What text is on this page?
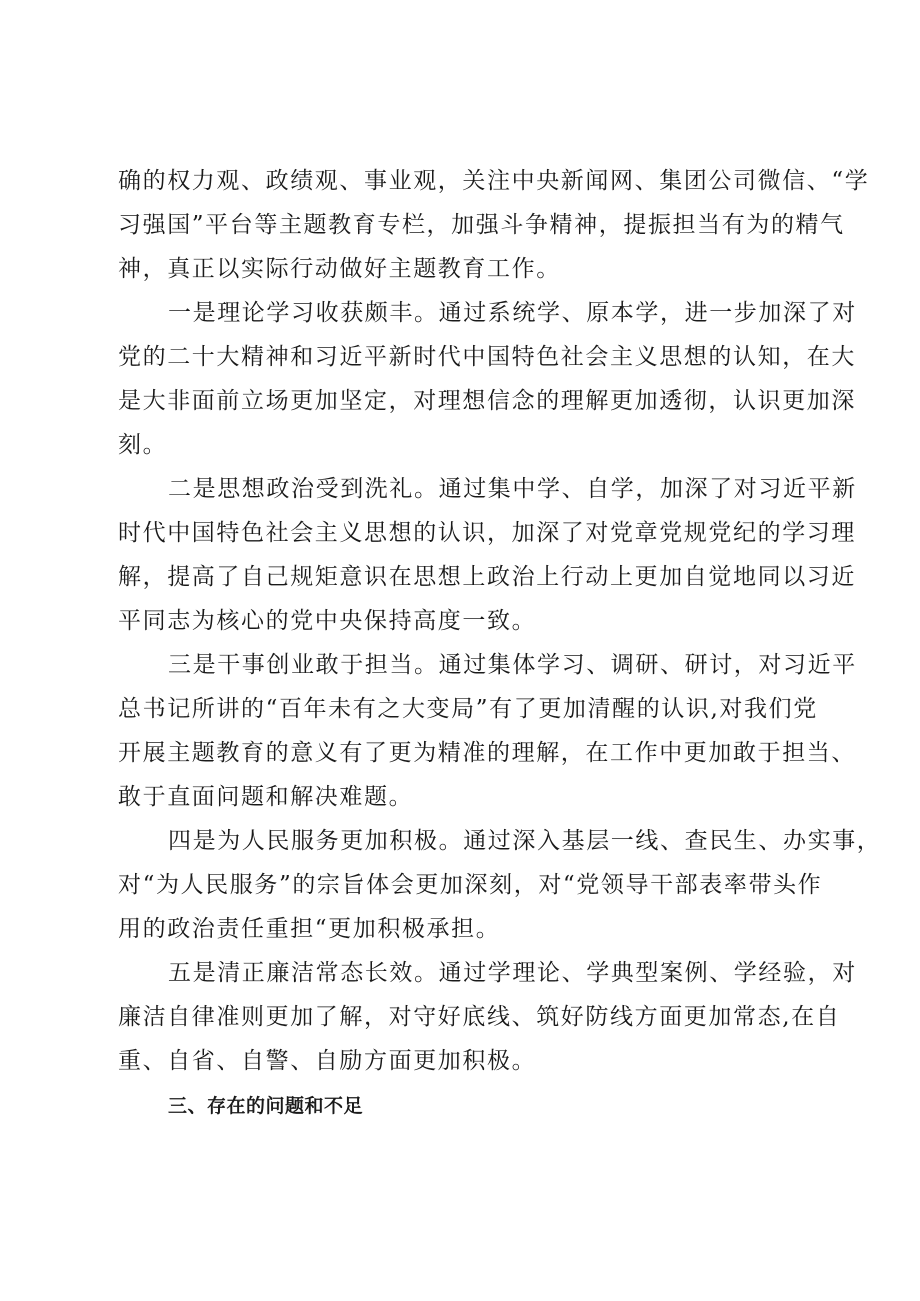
确的权力观、政绩观、事业观，关注中央新闻网、集团公司微信、“学
习强国”平台等主题教育专栏，加强斗争精神，提振担当有为的精气
神，真正以实际行动做好主题教育工作。
一是理论学习收获颇丰。通过系统学、原本学，进一步加深了对
党的二十大精神和习近平新时代中国特色社会主义思想的认知，在大
是大非面前立场更加坚定，对理想信念的理解更加透彻，认识更加深
刻。
二是思想政治受到洗礼。通过集中学、自学，加深了对习近平新
时代中国特色社会主义思想的认识，加深了对党章党规党纪的学习理
解，提高了自己规矩意识在思想上政治上行动上更加自觉地同以习近
平同志为核心的党中央保持高度一致。
三是干事创业敢于担当。通过集体学习、调研、研讨，对习近平
总书记所讲的“百年未有之大变局”有了更加清醒的认识,对我们党
开展主题教育的意义有了更为精准的理解，在工作中更加敢于担当、
敢于直面问题和解决难题。
四是为人民服务更加积极。通过深入基层一线、查民生、办实事，
对“为人民服务”的宗旨体会更加深刻，对“党领导干部表率带头作
用的政治责任重担“更加积极承担。
五是清正廉洁常态长效。通过学理论、学典型案例、学经验，对
廉洁自律准则更加了解，对守好底线、筑好防线方面更加常态,在自
重、自省、自警、自励方面更加积极。
三、存在的问题和不足
